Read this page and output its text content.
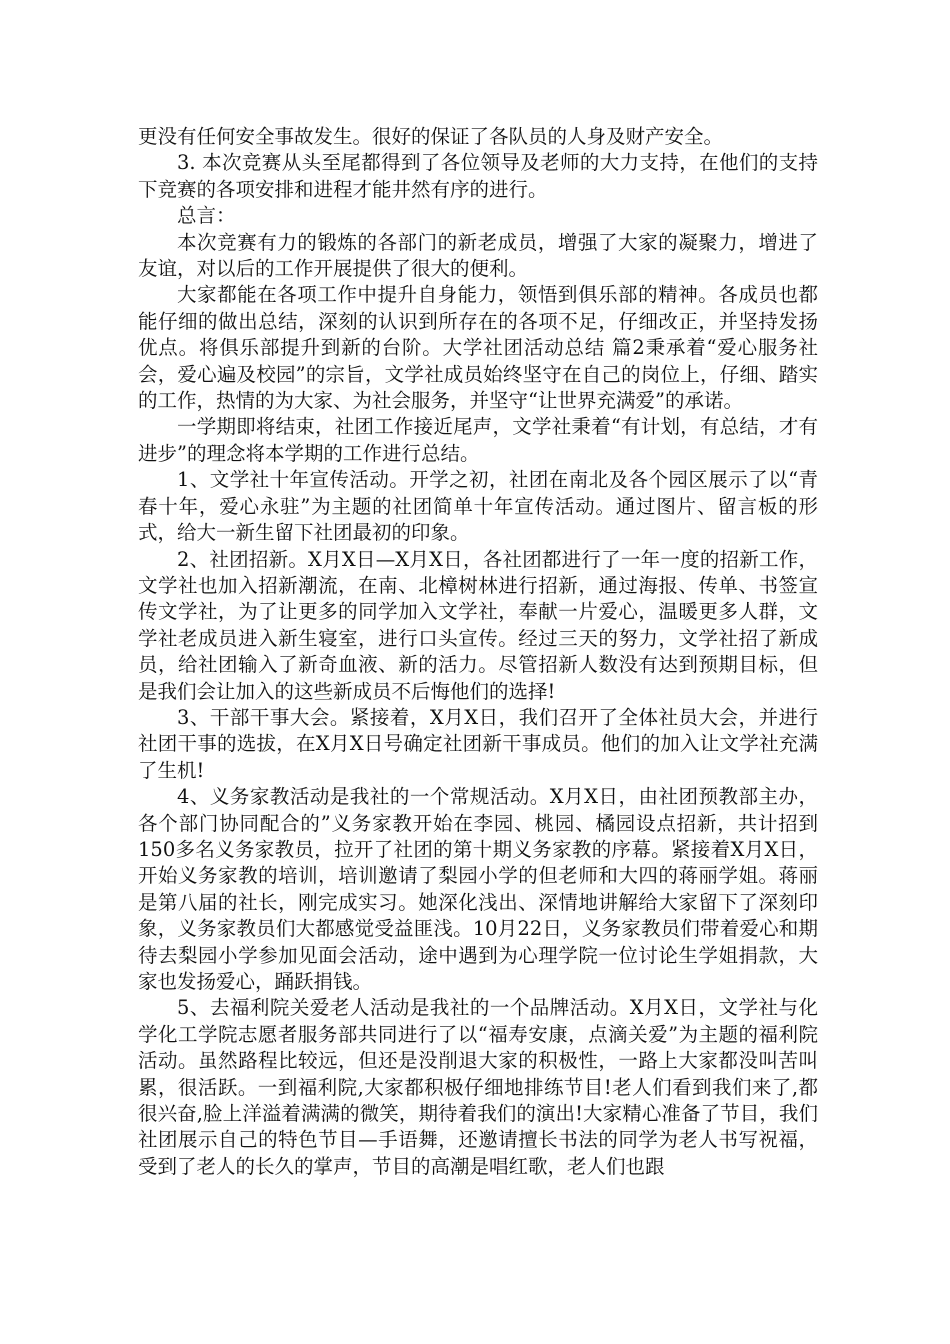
更没有任何安全事故发生。很好的保证了各队员的人身及财产安全。

3. 本次竞赛从头至尾都得到了各位领导及老师的大力支持，在他们的支持下竞赛的各项安排和进程才能井然有序的进行。

总言：

本次竞赛有力的锻炼的各部门的新老成员，增强了大家的凝聚力，增进了友谊，对以后的工作开展提供了很大的便利。

大家都能在各项工作中提升自身能力，领悟到俱乐部的精神。各成员也都能仔细的做出总结，深刻的认识到所存在的各项不足，仔细改正，并坚持发扬优点。将俱乐部提升到新的台阶。大学社团活动总结 篇2秉承着“爱心服务社会，爱心遍及校园”的宗旨，文学社成员始终坚守在自己的岗位上，仔细、踏实的工作，热情的为大家、为社会服务，并坚守“让世界充满爱”的承诺。

一学期即将结束，社团工作接近尾声，文学社秉着“有计划，有总结，才有进步”的理念将本学期的工作进行总结。

1、文学社十年宣传活动。开学之初，社团在南北及各个园区展示了以“青春十年，爱心永驻”为主题的社团简单十年宣传活动。通过图片、留言板的形式，给大一新生留下社团最初的印象。

2、社团招新。X月X日—X月X日，各社团都进行了一年一度的招新工作，文学社也加入招新潮流，在南、北樟树林进行招新，通过海报、传单、书签宣传文学社，为了让更多的同学加入文学社，奉献一片爱心，温暖更多人群，文学社老成员进入新生寝室，进行口头宣传。经过三天的努力，文学社招了新成员，给社团输入了新奇血液、新的活力。尽管招新人数没有达到预期目标，但是我们会让加入的这些新成员不后悔他们的选择!

3、干部干事大会。紧接着，X月X日，我们召开了全体社员大会，并进行社团干事的选拔，在X月X日号确定社团新干事成员。他们的加入让文学社充满了生机!

4、义务家教活动是我社的一个常规活动。X月X日，由社团预教部主办，各个部门协同配合的”义务家教开始在李园、桃园、橘园设点招新，共计招到150多名义务家教员，拉开了社团的第十期义务家教的序幕。紧接着X月X日，开始义务家教的培训，培训邀请了梨园小学的但老师和大四的蒋丽学姐。蒋丽是第八届的社长，刚完成实习。她深化浅出、深情地讲解给大家留下了深刻印象，义务家教员们大都感觉受益匪浅。10月22日，义务家教员们带着爱心和期待去梨园小学参加见面会活动，途中遇到为心理学院一位讨论生学姐捐款，大家也发扬爱心，踊跃捐钱。

5、去福利院关爱老人活动是我社的一个品牌活动。X月X日，文学社与化学化工学院志愿者服务部共同进行了以“福寿安康，点滴关爱”为主题的福利院活动。虽然路程比较远，但还是没削退大家的积极性，一路上大家都没叫苦叫累，很活跃。一到福利院,大家都积极仔细地排练节目!老人们看到我们来了,都很兴奋,脸上洋溢着满满的微笑，期待着我们的演出!大家精心准备了节目，我们社团展示自己的特色节目—手语舞，还邀请擅长书法的同学为老人书写祝福，受到了老人的长久的掌声，节目的高潮是唱红歌，老人们也跟
